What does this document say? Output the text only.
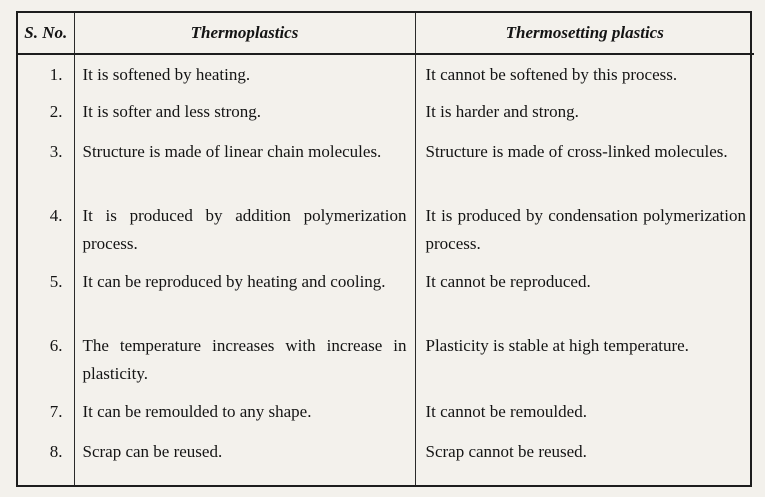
S. No.	Thermoplastics	Thermosetting plastics
1.	It is softened by heating.	It cannot be softened by this process.
2.	It is softer and less strong.	It is harder and strong.
3.	Structure is made of linear chain molecules.	Structure is made of cross-linked molecules.
4.	It is produced by addition polymerization process.	It is produced by condensation polymerization process.
5.	It can be reproduced by heating and cooling.	It cannot be reproduced.
6.	The temperature increases with increase in plasticity.	Plasticity is stable at high temperature.
7.	It can be remoulded to any shape.	It cannot be remoulded.
8.	Scrap can be reused.	Scrap cannot be reused.
